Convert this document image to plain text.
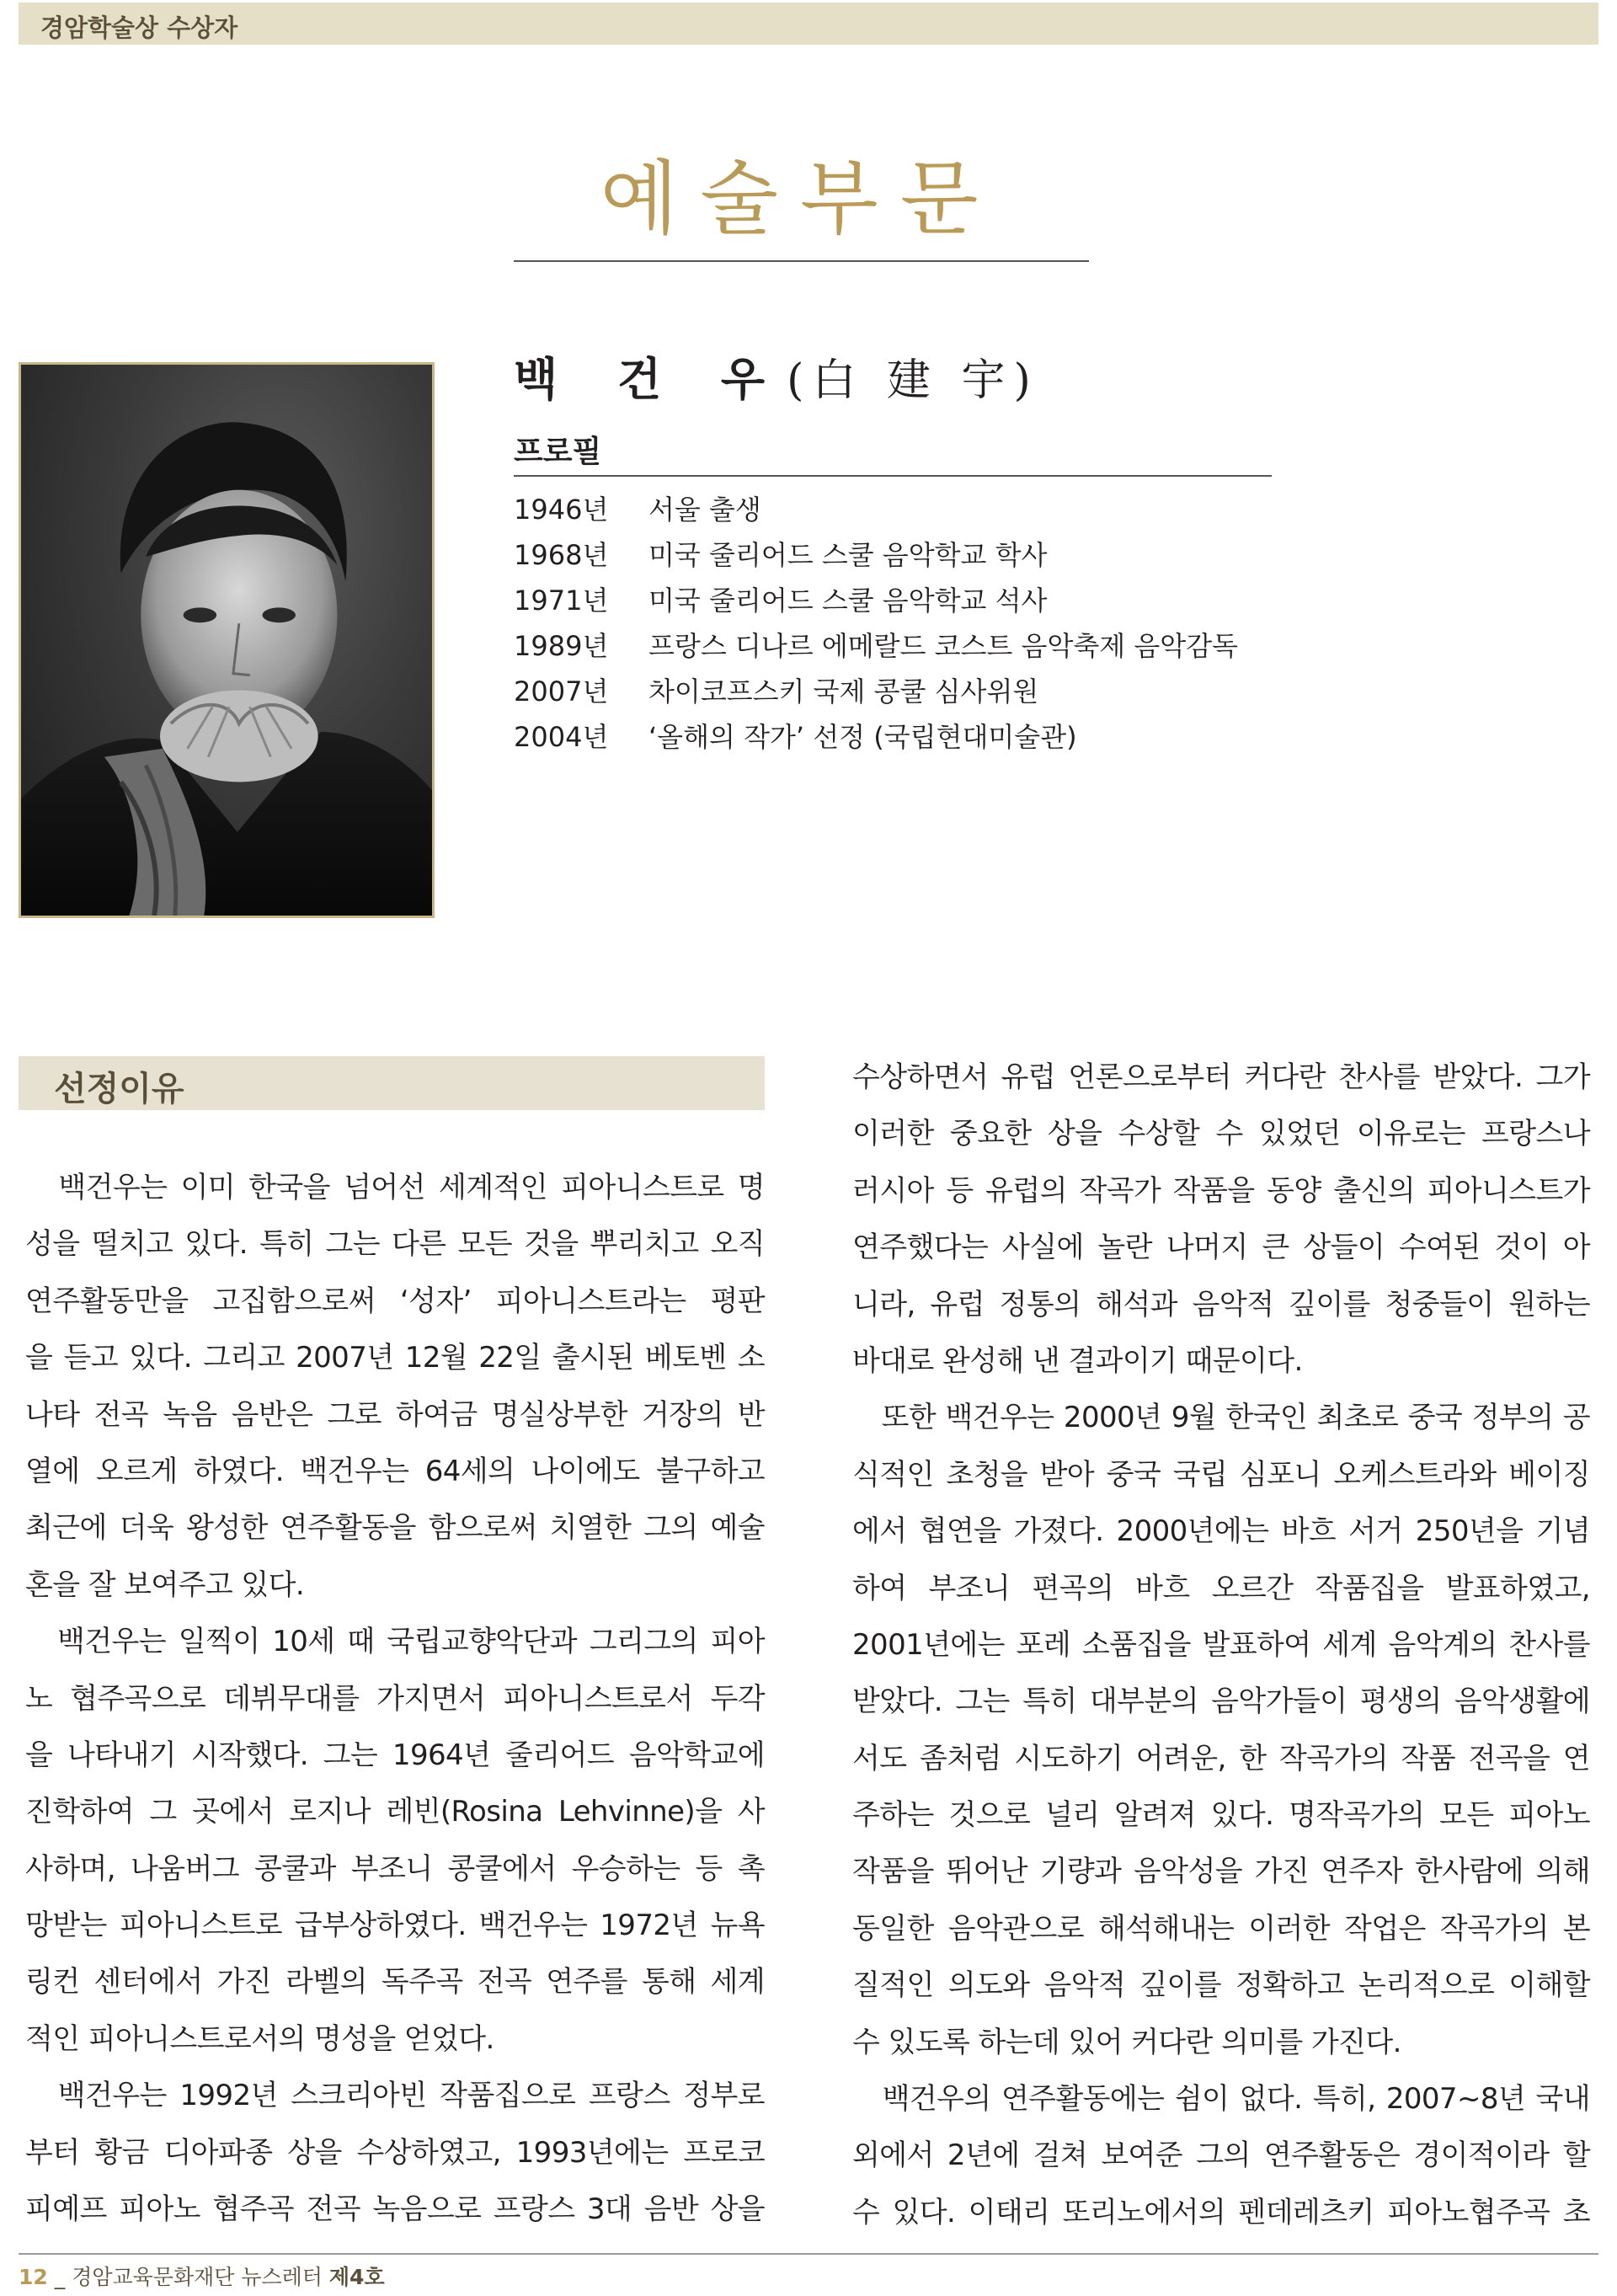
경암학술상 수상자
예술부문
백 건 우(白 建 宇)
프로필
1946년	서울 출생
1968년	미국 줄리어드 스쿨 음악학교 학사
1971년	미국 줄리어드 스쿨 음악학교 석사
1989년	프랑스 디나르 에메랄드 코스트 음악축제 음악감독
2007년	차이코프스키 국제 콩쿨 심사위원
2004년	‘올해의 작가’ 선정 (국립현대미술관)
선정이유
　백건우는 이미 한국을 넘어선 세계적인 피아니스트로 명
성을 떨치고 있다. 특히 그는 다른 모든 것을 뿌리치고 오직
연주활동만을 고집함으로써 ‘성자’ 피아니스트라는 평판
을 듣고 있다. 그리고 2007년 12월 22일 출시된 베토벤 소
나타 전곡 녹음 음반은 그로 하여금 명실상부한 거장의 반
열에 오르게 하였다. 백건우는 64세의 나이에도 불구하고
최근에 더욱 왕성한 연주활동을 함으로써 치열한 그의 예술
혼을 잘 보여주고 있다.
　백건우는 일찍이 10세 때 국립교향악단과 그리그의 피아
노 협주곡으로 데뷔무대를 가지면서 피아니스트로서 두각
을 나타내기 시작했다. 그는 1964년 줄리어드 음악학교에
진학하여 그 곳에서 로지나 레빈(Rosina Lehvinne)을 사
사하며, 나움버그 콩쿨과 부조니 콩쿨에서 우승하는 등 촉
망받는 피아니스트로 급부상하였다. 백건우는 1972년 뉴욕
링컨 센터에서 가진 라벨의 독주곡 전곡 연주를 통해 세계
적인 피아니스트로서의 명성을 얻었다.
　백건우는 1992년 스크리아빈 작품집으로 프랑스 정부로
부터 황금 디아파종 상을 수상하였고, 1993년에는 프로코
피예프 피아노 협주곡 전곡 녹음으로 프랑스 3대 음반 상을
수상하면서 유럽 언론으로부터 커다란 찬사를 받았다. 그가
이러한 중요한 상을 수상할 수 있었던 이유로는 프랑스나
러시아 등 유럽의 작곡가 작품을 동양 출신의 피아니스트가
연주했다는 사실에 놀란 나머지 큰 상들이 수여된 것이 아
니라, 유럽 정통의 해석과 음악적 깊이를 청중들이 원하는
바대로 완성해 낸 결과이기 때문이다.
　또한 백건우는 2000년 9월 한국인 최초로 중국 정부의 공
식적인 초청을 받아 중국 국립 심포니 오케스트라와 베이징
에서 협연을 가졌다. 2000년에는 바흐 서거 250년을 기념
하여 부조니 편곡의 바흐 오르간 작품집을 발표하였고,
2001년에는 포레 소품집을 발표하여 세계 음악계의 찬사를
받았다. 그는 특히 대부분의 음악가들이 평생의 음악생활에
서도 좀처럼 시도하기 어려운, 한 작곡가의 작품 전곡을 연
주하는 것으로 널리 알려져 있다. 명작곡가의 모든 피아노
작품을 뛰어난 기량과 음악성을 가진 연주자 한사람에 의해
동일한 음악관으로 해석해내는 이러한 작업은 작곡가의 본
질적인 의도와 음악적 깊이를 정확하고 논리적으로 이해할
수 있도록 하는데 있어 커다란 의미를 가진다.
　백건우의 연주활동에는 쉼이 없다. 특히, 2007~8년 국내
외에서 2년에 걸쳐 보여준 그의 연주활동은 경이적이라 할
수 있다. 이태리 또리노에서의 펜데레츠키 피아노협주곡 초
12 _ 경암교육문화재단 뉴스레터 제4호
